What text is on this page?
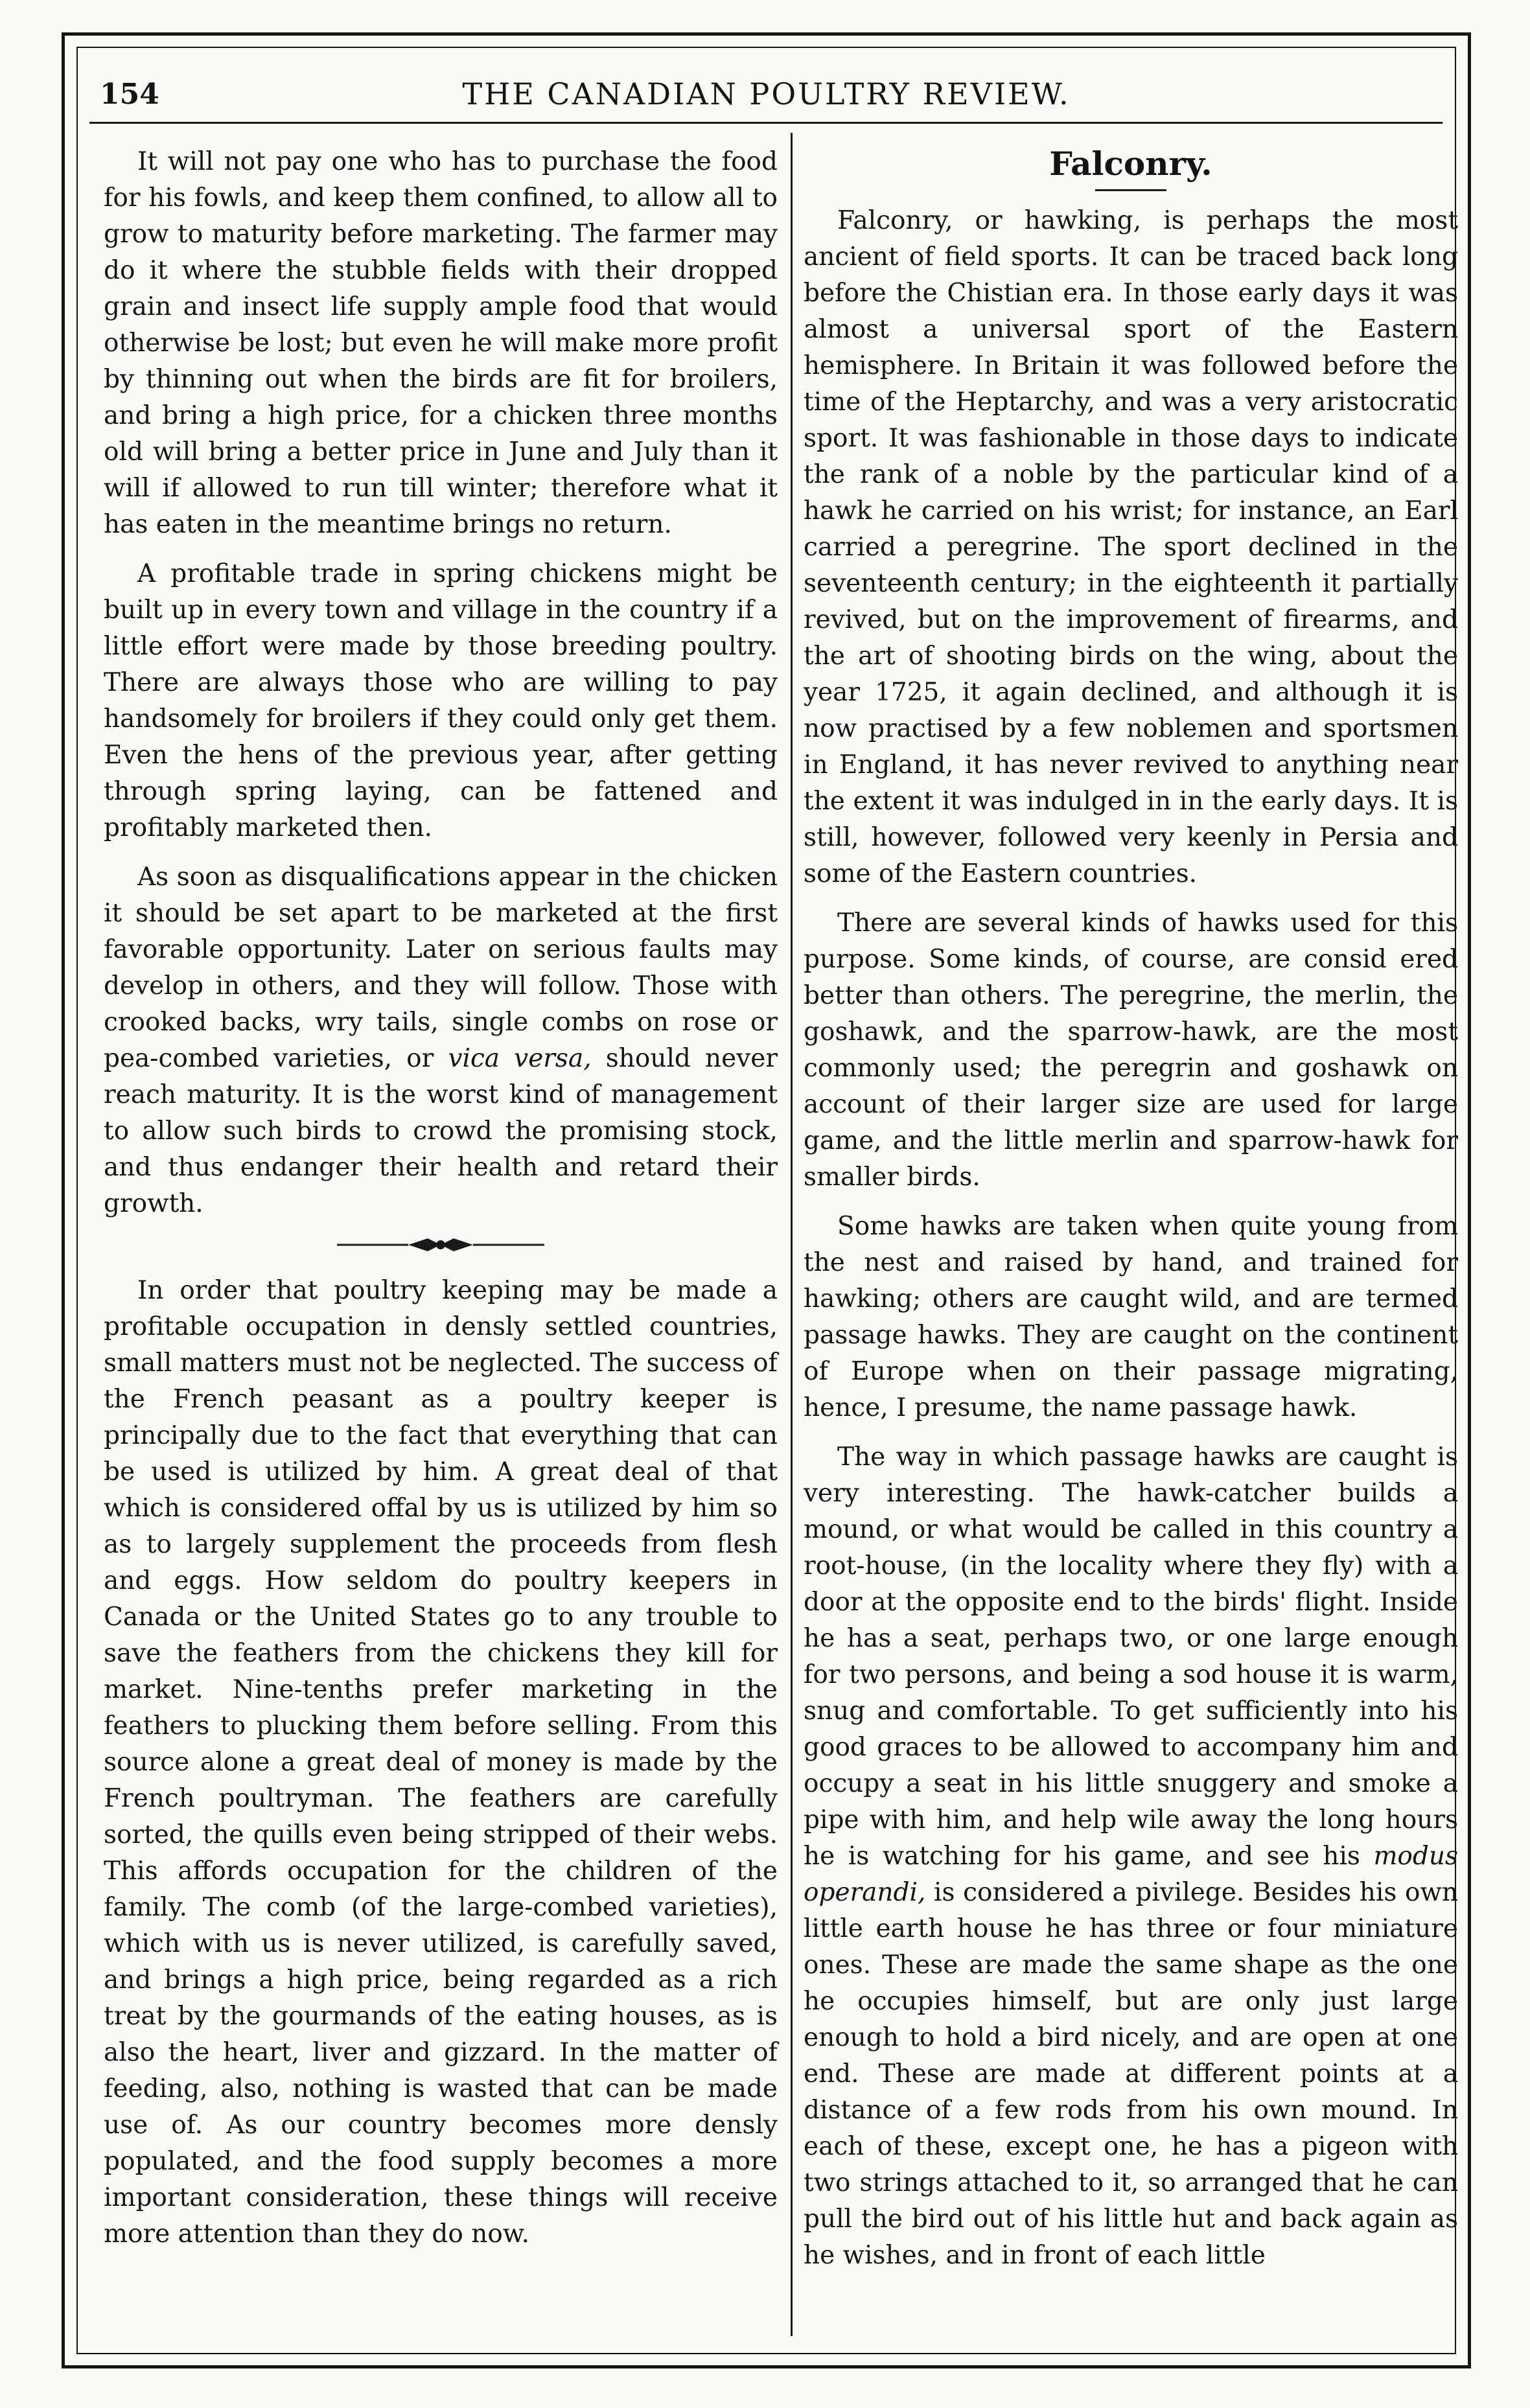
154	THE CANADIAN POULTRY REVIEW.

It will not pay one who has to purchase the food for his fowls, and keep them confined, to allow all to grow to maturity before marketing. The farmer may do it where the stubble fields with their dropped grain and insect life supply ample food that would otherwise be lost; but even he will make more profit by thinning out when the birds are fit for broilers, and bring a high price, for a chicken three months old will bring a better price in June and July than it will if allowed to run till winter; therefore what it has eaten in the meantime brings no return.

A profitable trade in spring chickens might be built up in every town and village in the country if a little effort were made by those breeding poultry. There are always those who are willing to pay handsomely for broilers if they could only get them. Even the hens of the previous year, after getting through spring laying, can be fattened and profitably marketed then.

As soon as disqualifications appear in the chicken it should be set apart to be marketed at the first favorable opportunity. Later on serious faults may develop in others, and they will follow. Those with crooked backs, wry tails, single combs on rose or pea-combed varieties, or vica versa, should never reach maturity. It is the worst kind of management to allow such birds to crowd the promising stock, and thus endanger their health and retard their growth.

In order that poultry keeping may be made a profitable occupation in densly settled countries, small matters must not be neglected. The success of the French peasant as a poultry keeper is principally due to the fact that everything that can be used is utilized by him. A great deal of that which is considered offal by us is utilized by him so as to largely supplement the proceeds from flesh and eggs. How seldom do poultry keepers in Canada or the United States go to any trouble to save the feathers from the chickens they kill for market. Nine-tenths prefer marketing in the feathers to plucking them before selling. From this source alone a great deal of money is made by the French poultryman. The feathers are carefully sorted, the quills even being stripped of their webs. This affords occupation for the children of the family. The comb (of the large-combed varieties), which with us is never utilized, is carefully saved, and brings a high price, being regarded as a rich treat by the gourmands of the eating houses, as is also the heart, liver and gizzard. In the matter of feeding, also, nothing is wasted that can be made use of. As our country becomes more densly populated, and the food supply becomes a more important consideration, these things will receive more attention than they do now.

Falconry.

Falconry, or hawking, is perhaps the most ancient of field sports. It can be traced back long before the Chistian era. In those early days it was almost a universal sport of the Eastern hemisphere. In Britain it was followed before the time of the Heptarchy, and was a very aristocratic sport. It was fashionable in those days to indicate the rank of a noble by the particular kind of a hawk he carried on his wrist; for instance, an Earl carried a peregrine. The sport declined in the seventeenth century; in the eighteenth it partially revived, but on the improvement of firearms, and the art of shooting birds on the wing, about the year 1725, it again declined, and although it is now practised by a few noblemen and sportsmen in England, it has never revived to anything near the extent it was indulged in in the early days. It is still, however, followed very keenly in Persia and some of the Eastern countries.

There are several kinds of hawks used for this purpose. Some kinds, of course, are consid ered better than others. The peregrine, the merlin, the goshawk, and the sparrow-hawk, are the most commonly used; the peregrin and goshawk on account of their larger size are used for large game, and the little merlin and sparrow-hawk for smaller birds.

Some hawks are taken when quite young from the nest and raised by hand, and trained for hawking; others are caught wild, and are termed passage hawks. They are caught on the continent of Europe when on their passage migrating, hence, I presume, the name passage hawk.

The way in which passage hawks are caught is very interesting. The hawk-catcher builds a mound, or what would be called in this country a root-house, (in the locality where they fly) with a door at the opposite end to the birds' flight. Inside he has a seat, perhaps two, or one large enough for two persons, and being a sod house it is warm, snug and comfortable. To get sufficiently into his good graces to be allowed to accompany him and occupy a seat in his little snuggery and smoke a pipe with him, and help wile away the long hours he is watching for his game, and see his modus operandi, is considered a pivilege. Besides his own little earth house he has three or four miniature ones. These are made the same shape as the one he occupies himself, but are only just large enough to hold a bird nicely, and are open at one end. These are made at different points at a distance of a few rods from his own mound. In each of these, except one, he has a pigeon with two strings attached to it, so arranged that he can pull the bird out of his little hut and back again as he wishes, and in front of each little
